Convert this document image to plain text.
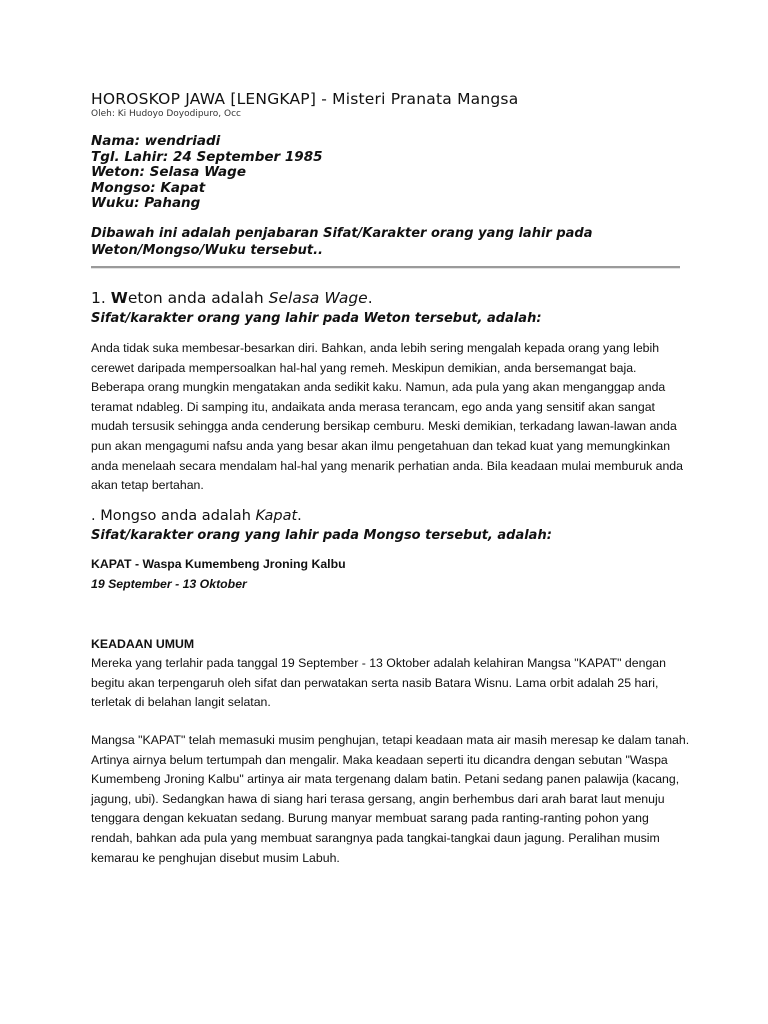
HOROSKOP JAWA [LENGKAP] - Misteri Pranata Mangsa
Oleh: Ki Hudoyo Doyodipuro, Occ
Nama: wendriadi
Tgl. Lahir: 24 September 1985
Weton: Selasa Wage
Mongso: Kapat
Wuku: Pahang
Dibawah ini adalah penjabaran Sifat/Karakter orang yang lahir pada Weton/Mongso/Wuku tersebut..
1. Weton anda adalah Selasa Wage.
Sifat/karakter orang yang lahir pada Weton tersebut, adalah:
Anda tidak suka membesar-besarkan diri. Bahkan, anda lebih sering mengalah kepada orang yang lebih cerewet daripada mempersoalkan hal-hal yang remeh. Meskipun demikian, anda bersemangat baja. Beberapa orang mungkin mengatakan anda sedikit kaku. Namun, ada pula yang akan menganggap anda teramat ndableg. Di samping itu, andaikata anda merasa terancam, ego anda yang sensitif akan sangat mudah tersusik sehingga anda cenderung bersikap cemburu. Meski demikian, terkadang lawan-lawan anda pun akan mengagumi nafsu anda yang besar akan ilmu pengetahuan dan tekad kuat yang memungkinkan anda menelaah secara mendalam hal-hal yang menarik perhatian anda. Bila keadaan mulai memburuk anda akan tetap bertahan.
. Mongso anda adalah Kapat.
Sifat/karakter orang yang lahir pada Mongso tersebut, adalah:
KAPAT - Waspa Kumembeng Jroning Kalbu
19 September - 13 Oktober
KEADAAN UMUM
Mereka yang terlahir pada tanggal 19 September - 13 Oktober adalah kelahiran Mangsa "KAPAT" dengan begitu akan terpengaruh oleh sifat dan perwatakan serta nasib Batara Wisnu. Lama orbit adalah 25 hari, terletak di belahan langit selatan.
Mangsa "KAPAT" telah memasuki musim penghujan, tetapi keadaan mata air masih meresap ke dalam tanah. Artinya airnya belum tertumpah dan mengalir. Maka keadaan seperti itu dicandra dengan sebutan "Waspa Kumembeng Jroning Kalbu" artinya air mata tergenang dalam batin. Petani sedang panen palawija (kacang, jagung, ubi). Sedangkan hawa di siang hari terasa gersang, angin berhembus dari arah barat laut menuju tenggara dengan kekuatan sedang. Burung manyar membuat sarang pada ranting-ranting pohon yang rendah, bahkan ada pula yang membuat sarangnya pada tangkai-tangkai daun jagung. Peralihan musim kemarau ke penghujan disebut musim Labuh.
